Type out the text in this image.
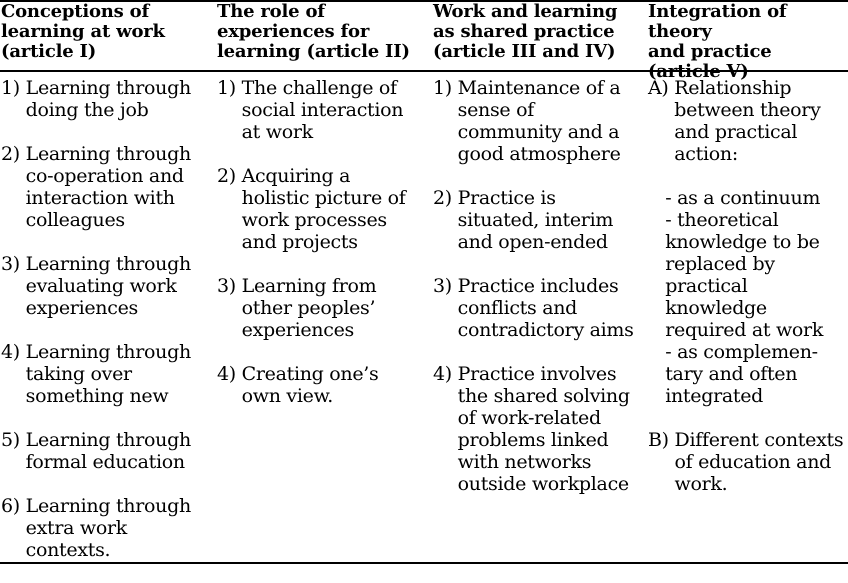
Conceptions of
learning at work
(article I)
1) Learning through
doing the job
2) Learning through
co-operation and
interaction with
colleagues
3) Learning through
evaluating work
experiences
4) Learning through
taking over
something new
5) Learning through
formal education
6) Learning through
extra work
contexts.
The role of
experiences for
learning (article II)
1) The challenge of
social interaction
at work
2) Acquiring a
holistic picture of
work processes
and projects
3) Learning from
other peoples’
experiences
4) Creating one’s
own view.
Work and learning
as shared practice
(article III and IV)
1) Maintenance of a
sense of
community and a
good atmosphere
2) Practice is
situated, interim
and open-ended
3) Practice includes
conflicts and
contradictory aims
4) Practice involves
the shared solving
of work-related
problems linked
with networks
outside workplace
Integration of theory
and practice
(article V)
A) Relationship
between theory
and practical
action:

- as a continuum
- theoretical
knowledge to be
replaced by
practical
knowledge
required at work
- as complemen-
tary and often
integrated
B) Different contexts
of education and
work.
